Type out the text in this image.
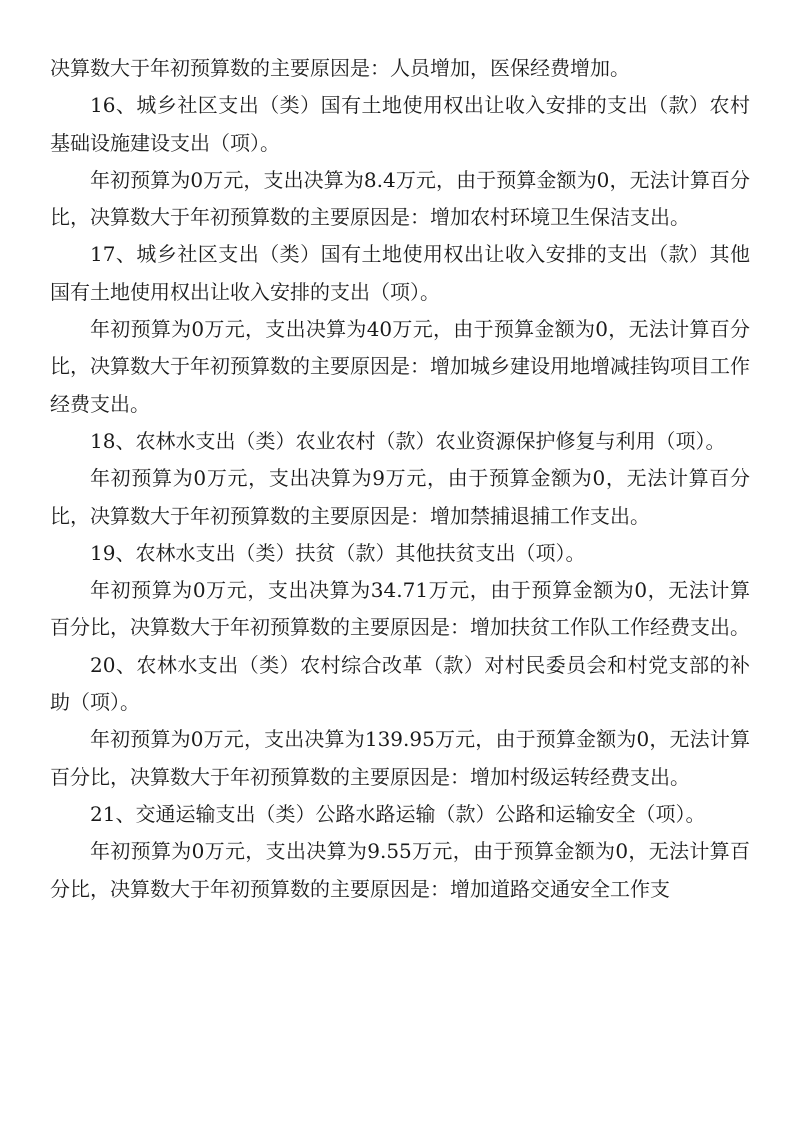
决算数大于年初预算数的主要原因是：人员增加，医保经费增加。

16、城乡社区支出（类）国有土地使用权出让收入安排的支出（款）农村基础设施建设支出（项）。

年初预算为0万元，支出决算为8.4万元，由于预算金额为0，无法计算百分比，决算数大于年初预算数的主要原因是：增加农村环境卫生保洁支出。

17、城乡社区支出（类）国有土地使用权出让收入安排的支出（款）其他国有土地使用权出让收入安排的支出（项）。

年初预算为0万元，支出决算为40万元，由于预算金额为0，无法计算百分比，决算数大于年初预算数的主要原因是：增加城乡建设用地增减挂钩项目工作经费支出。

18、农林水支出（类）农业农村（款）农业资源保护修复与利用（项）。

年初预算为0万元，支出决算为9万元，由于预算金额为0，无法计算百分比，决算数大于年初预算数的主要原因是：增加禁捕退捕工作支出。

19、农林水支出（类）扶贫（款）其他扶贫支出（项）。

年初预算为0万元，支出决算为34.71万元，由于预算金额为0，无法计算百分比，决算数大于年初预算数的主要原因是：增加扶贫工作队工作经费支出。

20、农林水支出（类）农村综合改革（款）对村民委员会和村党支部的补助（项）。

年初预算为0万元，支出决算为139.95万元，由于预算金额为0，无法计算百分比，决算数大于年初预算数的主要原因是：增加村级运转经费支出。

21、交通运输支出（类）公路水路运输（款）公路和运输安全（项）。

年初预算为0万元，支出决算为9.55万元，由于预算金额为0，无法计算百分比，决算数大于年初预算数的主要原因是：增加道路交通安全工作支
